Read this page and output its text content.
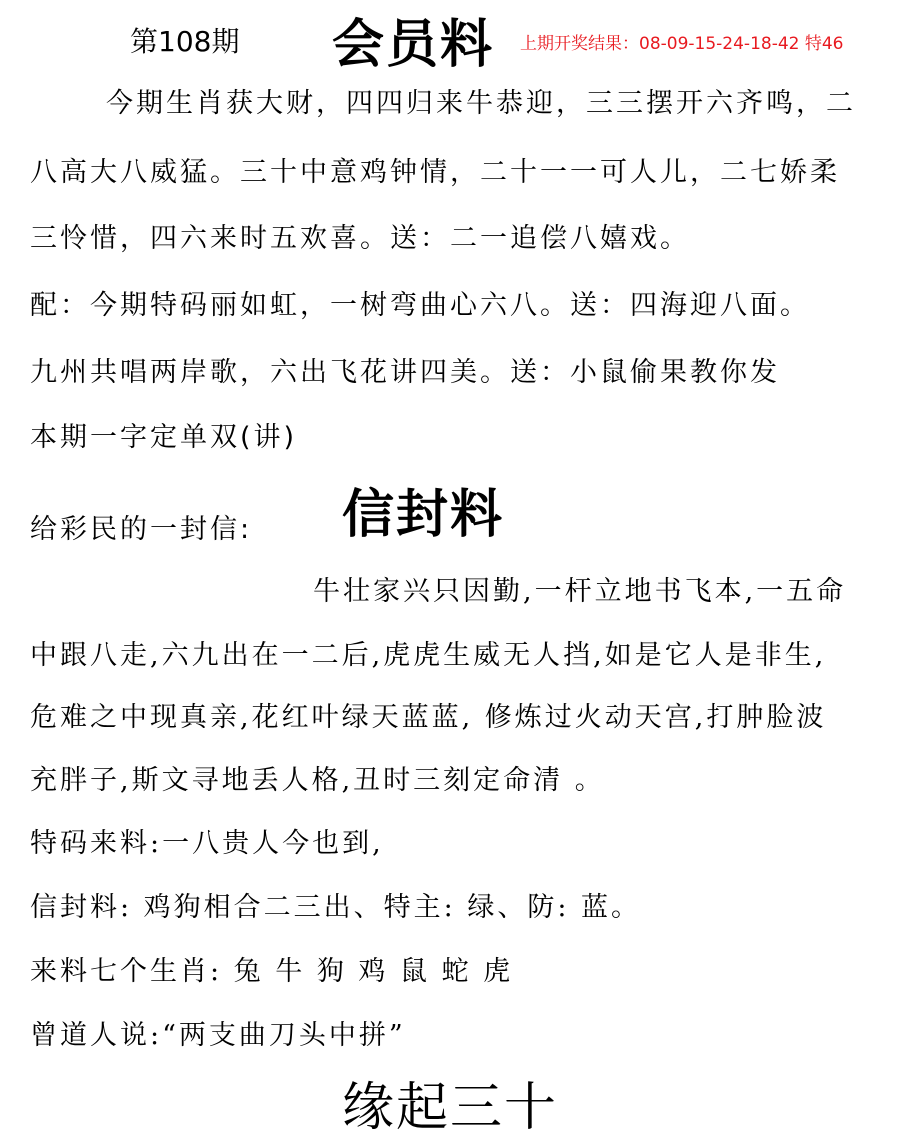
第108期 会员料 上期开奖结果：08-09-15-24-18-42 特46
今期生肖获大财，四四归来牛恭迎，三三摆开六齐鸣，二
八高大八威猛。三十中意鸡钟情，二十一一可人儿，二七娇柔
三怜惜，四六来时五欢喜。送：二一追偿八嬉戏。
配：今期特码丽如虹，一树弯曲心六八。送：四海迎八面。
九州共唱两岸歌，六出飞花讲四美。送：小鼠偷果教你发
本期一字定单双(讲)
给彩民的一封信: 信封料
牛壮家兴只因勤,一杆立地书飞本,一五命
中跟八走,六九出在一二后,虎虎生威无人挡,如是它人是非生,
危难之中现真亲,花红叶绿天蓝蓝, 修炼过火动天宫,打肿脸波
充胖子,斯文寻地丢人格,丑时三刻定命清 。
特码来料:一八贵人今也到,
信封料: 鸡狗相合二三出、特主: 绿、防: 蓝。
来料七个生肖: 兔 牛 狗 鸡 鼠 蛇 虎
曾道人说:“两支曲刀头中拼”
缘起三十
